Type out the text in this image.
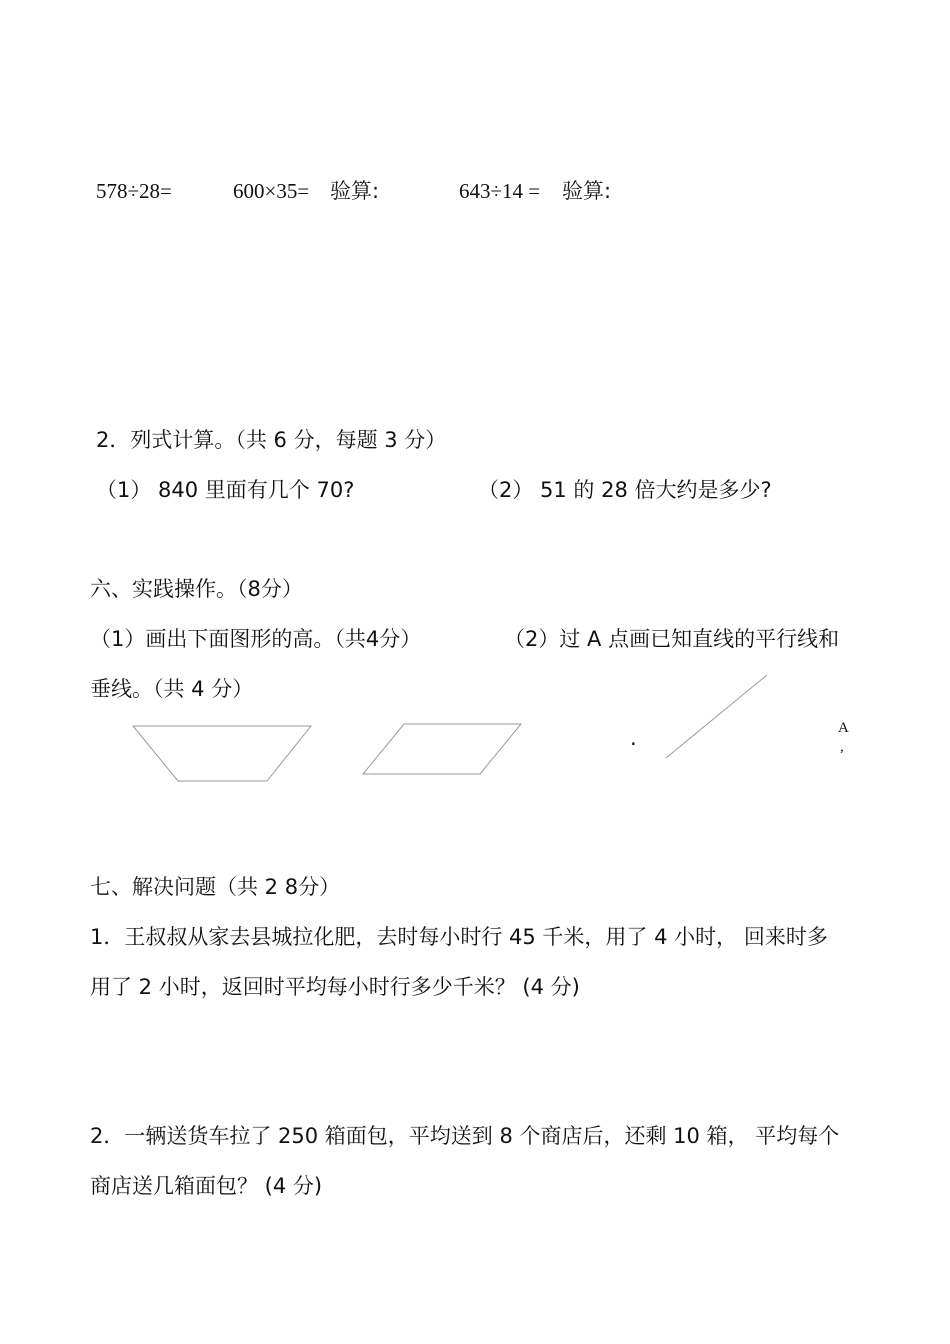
578÷28=	600×35= 验算:	643÷14 = 验算:
2．列式计算。（共 6 分，每题 3 分）
（1） 840 里面有几个 70?	（2） 51 的 28 倍大约是多少?
六、实践操作。（8分）
（1）画出下面图形的高。（共4分）	（2）过 A 点画已知直线的平行线和
垂线。（共 4 分）
.	A
,
七、解决问题（共 2 8分）
1．王叔叔从家去县城拉化肥，去时每小时行 45 千米，用了 4 小时， 回来时多
用了 2 小时，返回时平均每小时行多少千米？ (4 分)
2．一辆送货车拉了 250 箱面包，平均送到 8 个商店后，还剩 10 箱， 平均每个
商店送几箱面包？ (4 分)
